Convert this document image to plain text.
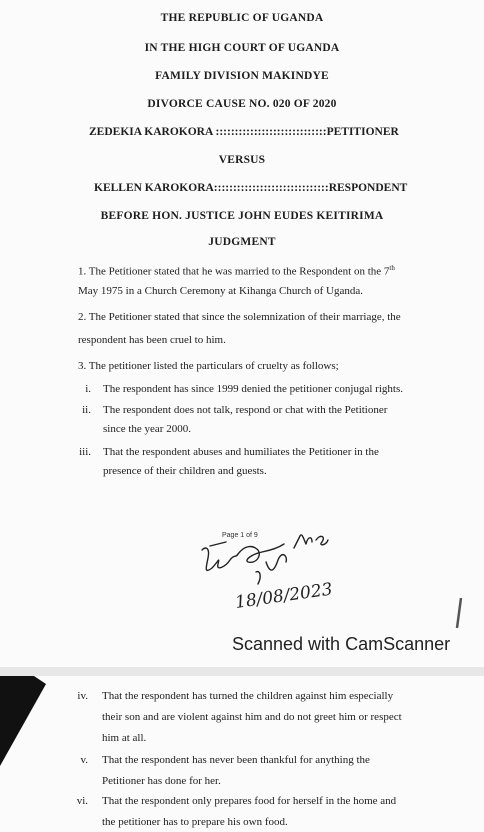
THE REPUBLIC OF UGANDA
IN THE HIGH COURT OF UGANDA
FAMILY DIVISION MAKINDYE
DIVORCE CAUSE NO. 020 OF 2020
ZEDEKIA KAROKORA :::::::::::::::::::::::::::::PETITIONER
VERSUS
KELLEN KAROKORA::::::::::::::::::::::::::::::RESPONDENT
BEFORE HON. JUSTICE JOHN EUDES KEITIRIMA
JUDGMENT
1. The Petitioner stated that he was married to the Respondent on the 7th
May 1975 in a Church Ceremony at Kihanga Church of Uganda.
2. The Petitioner stated that since the solemnization of their marriage, the
respondent has been cruel to him.
3. The petitioner listed the particulars of cruelty as follows;
i. The respondent has since 1999 denied the petitioner conjugal rights.
ii. The respondent does not talk, respond or chat with the Petitioner
since the year 2000.
iii. That the respondent abuses and humiliates the Petitioner in the
presence of their children and guests.
Page 1 of 9
18/08/2023
Scanned with CamScanner
iv. That the respondent has turned the children against him especially
their son and are violent against him and do not greet him or respect
him at all.
v. That the respondent has never been thankful for anything the
Petitioner has done for her.
vi. That the respondent only prepares food for herself in the home and
the petitioner has to prepare his own food.
